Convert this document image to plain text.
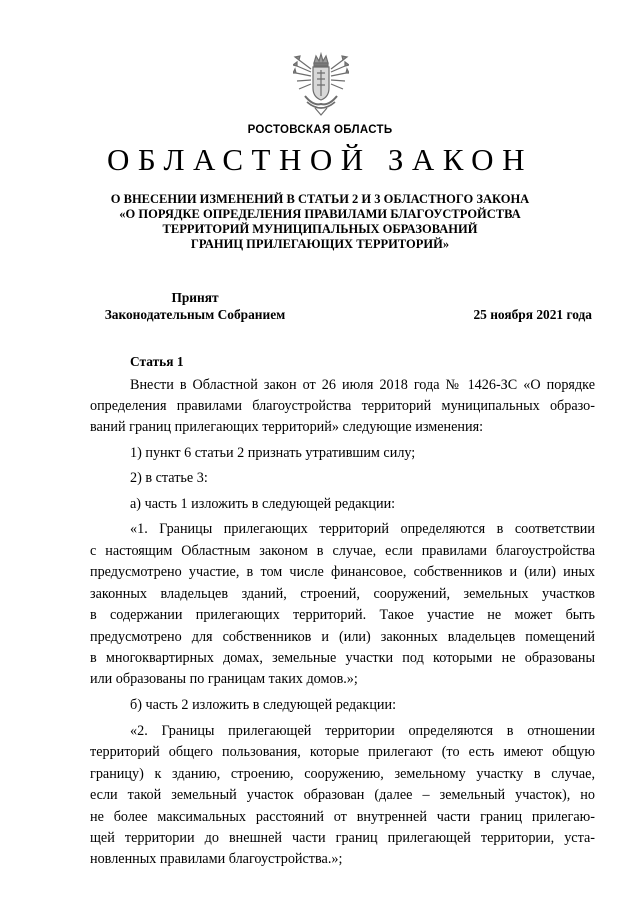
РОСТОВСКАЯ ОБЛАСТЬ
ОБЛАСТНОЙ ЗАКОН
О ВНЕСЕНИИ ИЗМЕНЕНИЙ В СТАТЬИ 2 И 3 ОБЛАСТНОГО ЗАКОНА
«О ПОРЯДКЕ ОПРЕДЕЛЕНИЯ ПРАВИЛАМИ БЛАГОУСТРОЙСТВА
ТЕРРИТОРИЙ МУНИЦИПАЛЬНЫХ ОБРАЗОВАНИЙ
ГРАНИЦ ПРИЛЕГАЮЩИХ ТЕРРИТОРИЙ»
Принят
Законодательным Собранием	25 ноября 2021 года
Статья 1
Внести в Областной закон от 26 июля 2018 года № 1426-ЗС «О порядке
определения правилами благоустройства территорий муниципальных образо-
ваний границ прилегающих территорий» следующие изменения:
1) пункт 6 статьи 2 признать утратившим силу;
2) в статье 3:
а) часть 1 изложить в следующей редакции:
«1. Границы прилегающих территорий определяются в соответствии
с настоящим Областным законом в случае, если правилами благоустройства
предусмотрено участие, в том числе финансовое, собственников и (или) иных
законных владельцев зданий, строений, сооружений, земельных участков
в содержании прилегающих территорий. Такое участие не может быть
предусмотрено для собственников и (или) законных владельцев помещений
в многоквартирных домах, земельные участки под которыми не образованы
или образованы по границам таких домов.»;
б) часть 2 изложить в следующей редакции:
«2. Границы прилегающей территории определяются в отношении
территорий общего пользования, которые прилегают (то есть имеют общую
границу) к зданию, строению, сооружению, земельному участку в случае,
если такой земельный участок образован (далее – земельный участок), но
не более максимальных расстояний от внутренней части границ прилегаю-
щей территории до внешней части границ прилегающей территории, уста-
новленных правилами благоустройства.»;
